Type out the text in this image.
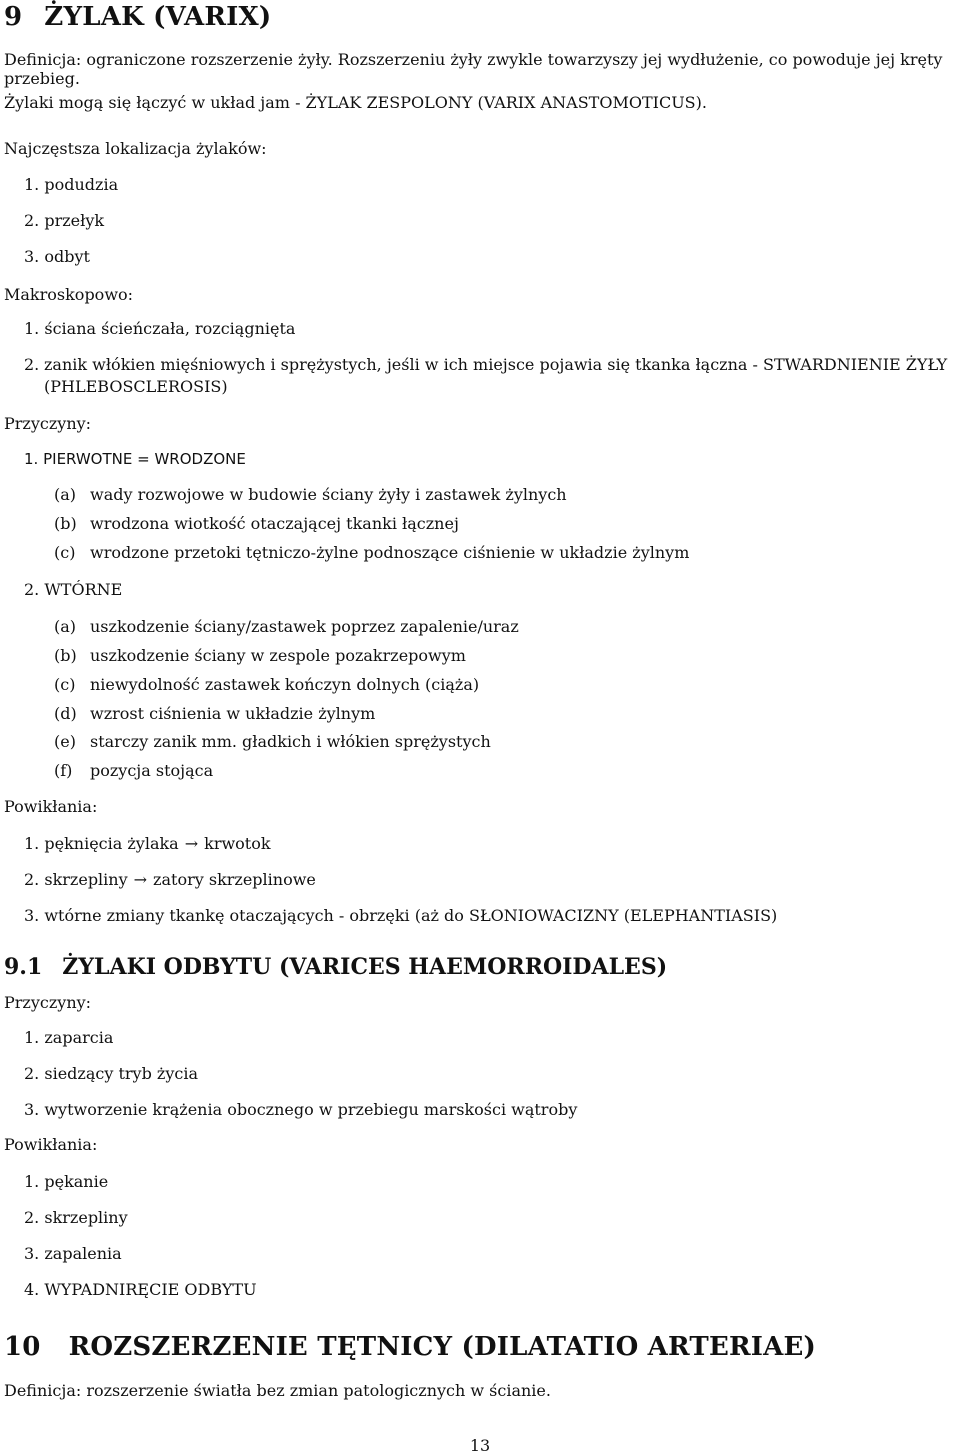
9 ŻYLAK (VARIX)
Definicja: ograniczone rozszerzenie żyły. Rozszerzeniu żyły zwykle towarzyszy jej wydłużenie, co powoduje jej kręty
przebieg.
Żylaki mogą się łączyć w układ jam - ŻYLAK ZESPOLONY (VARIX ANASTOMOTICUS).
Najczęstsza lokalizacja żylaków:
1. podudzia
2. przełyk
3. odbyt
Makroskopowo:
1. ściana ścieńczała, rozciągnięta
2. zanik włókien mięśniowych i sprężystych, jeśli w ich miejsce pojawia się tkanka łączna - STWARDNIENIE ŻYŁY (PHLEBOSCLEROSIS)
Przyczyny:
1. PIERWOTNE = WRODZONE
(a) wady rozwojowe w budowie ściany żyły i zastawek żylnych
(b) wrodzona wiotkość otaczającej tkanki łącznej
(c) wrodzone przetoki tętniczo-żylne podnoszące ciśnienie w układzie żylnym
2. WTÓRNE
(a) uszkodzenie ściany/zastawek poprzez zapalenie/uraz
(b) uszkodzenie ściany w zespole pozakrzepowym
(c) niewydolność zastawek kończyn dolnych (ciąża)
(d) wzrost ciśnienia w układzie żylnym
(e) starczy zanik mm. gładkich i włókien sprężystych
(f) pozycja stojąca
Powikłania:
1. pęknięcia żylaka → krwotok
2. skrzepliny → zatory skrzeplinowe
3. wtórne zmiany tkankę otaczających - obrzęki (aż do SŁONIOWACIZNY (ELEPHANTIASIS)
9.1 ŻYLAKI ODBYTU (VARICES HAEMORROIDALES)
Przyczyny:
1. zaparcia
2. siedzący tryb życia
3. wytworzenie krążenia obocznego w przebiegu marskości wątroby
Powikłania:
1. pękanie
2. skrzepliny
3. zapalenia
4. WYPADNIRĘCIE ODBYTU
10 ROZSZERZENIE TĘTNICY (DILATATIO ARTERIAE)
Definicja: rozszerzenie światła bez zmian patologicznych w ścianie.
13
